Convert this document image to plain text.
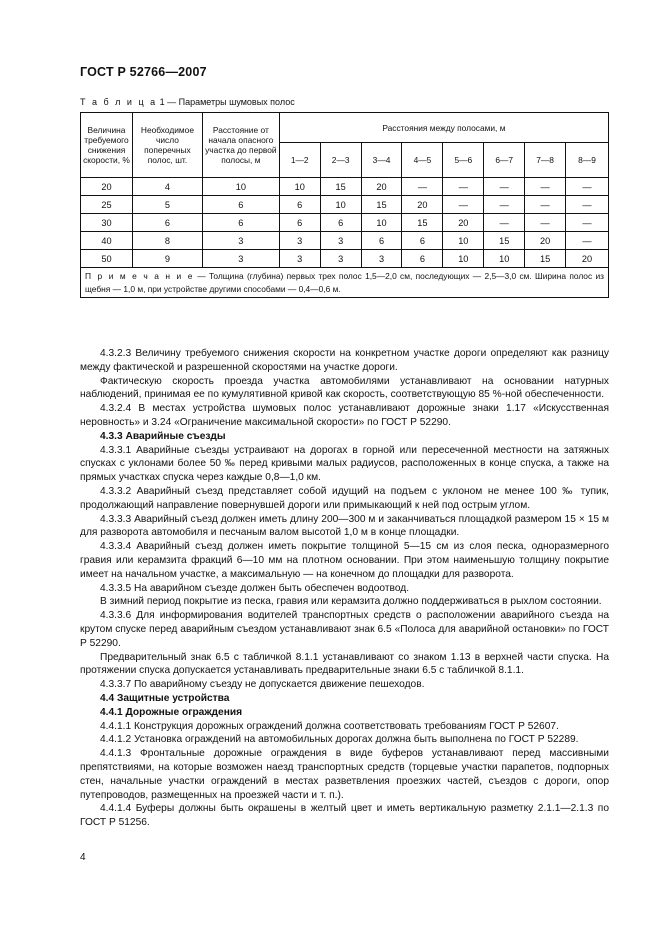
ГОСТ Р 52766—2007
Т а б л и ц а 1 — Параметры шумовых полос
Величина требуемого снижения скорости, %	Необходимое число поперечных полос, шт.	Расстояние от начала опасного участка до первой полосы, м	Расстояния между полосами, м							
			1—2	2—3	3—4	4—5	5—6	6—7	7—8	8—9
20	4	10	10	15	20	—	—	—	—	—
25	5	6	6	10	15	20	—	—	—	—
30	6	6	6	6	10	15	20	—	—	—
40	8	3	3	3	6	6	10	15	20	—
50	9	3	3	3	3	6	10	10	15	20
П р и м е ч а н и е — Толщина (глубина) первых трех полос 1,5—2,0 см, последующих — 2,5—3,0 см. Ширина полос из щебня — 1,0 м, при устройстве другими способами — 0,4—0,6 м.										

4.3.2.3 Величину требуемого снижения скорости на конкретном участке дороги определяют как разницу между фактической и разрешенной скоростями на участке дороги.

Фактическую скорость проезда участка автомобилями устанавливают на основании натурных наблюдений, принимая ее по кумулятивной кривой как скорость, соответствующую 85 %-ной обеспеченности.

4.3.2.4 В местах устройства шумовых полос устанавливают дорожные знаки 1.17 «Искусственная неровность» и 3.24 «Ограничение максимальной скорости» по ГОСТ Р 52290.

4.3.3 Аварийные съезды

4.3.3.1 Аварийные съезды устраивают на дорогах в горной или пересеченной местности на затяжных спусках с уклонами более 50 ‰ перед кривыми малых радиусов, расположенных в конце спуска, а также на прямых участках спуска через каждые 0,8—1,0 км.

4.3.3.2 Аварийный съезд представляет собой идущий на подъем с уклоном не менее 100 ‰ тупик, продолжающий направление повернувшей дороги или примыкающий к ней под острым углом.

4.3.3.3 Аварийный съезд должен иметь длину 200—300 м и заканчиваться площадкой размером 15 × 15 м для разворота автомобиля и песчаным валом высотой 1,0 м в конце площадки.

4.3.3.4 Аварийный съезд должен иметь покрытие толщиной 5—15 см из слоя песка, одноразмерного гравия или керамзита фракций 6—10 мм на плотном основании. При этом наименьшую толщину покрытие имеет на начальном участке, а максимальную — на конечном до площадки для разворота.

4.3.3.5 На аварийном съезде должен быть обеспечен водоотвод.

В зимний период покрытие из песка, гравия или керамзита должно поддерживаться в рыхлом состоянии.

4.3.3.6 Для информирования водителей транспортных средств о расположении аварийного съезда на крутом спуске перед аварийным съездом устанавливают знак 6.5 «Полоса для аварийной остановки» по ГОСТ Р 52290.

Предварительный знак 6.5 с табличкой 8.1.1 устанавливают со знаком 1.13 в верхней части спуска. На протяжении спуска допускается устанавливать предварительные знаки 6.5 с табличкой 8.1.1.

4.3.3.7 По аварийному съезду не допускается движение пешеходов.

4.4 Защитные устройства

4.4.1 Дорожные ограждения

4.4.1.1 Конструкция дорожных ограждений должна соответствовать требованиям ГОСТ Р 52607.

4.4.1.2 Установка ограждений на автомобильных дорогах должна быть выполнена по ГОСТ Р 52289.

4.4.1.3 Фронтальные дорожные ограждения в виде буферов устанавливают перед массивными препятствиями, на которые возможен наезд транспортных средств (торцевые участки парапетов, подпорных стен, начальные участки ограждений в местах разветвления проезжих частей, съездов с дороги, опор путепроводов, размещенных на проезжей части и т. п.).

4.4.1.4 Буферы должны быть окрашены в желтый цвет и иметь вертикальную разметку 2.1.1—2.1.3 по ГОСТ Р 51256.

4
